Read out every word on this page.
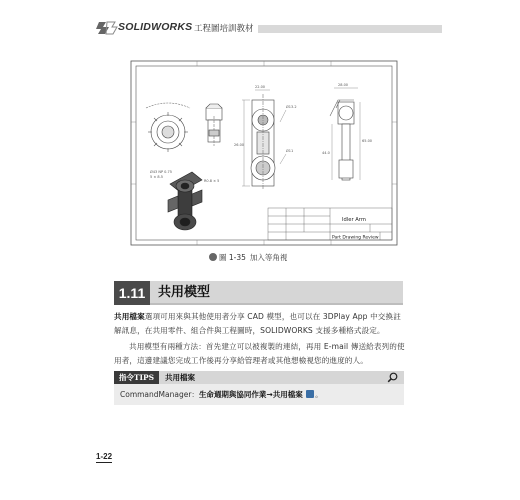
SOLIDWORKS 工程圖培訓教材
Ø43 NP 0.75
5 × 8.5
R0.8 × 5
22.00
Ø13.2
Ø11
26.00
28.00
65.00
44.0
Idler Arm
Part Drawing Review
圖 1-35 加入等角視
1.11 共用模型
共用檔案選項可用來與其他使用者分享 CAD 模型，也可以在 3DPlay App 中交換註解訊息，在共用零件、組合件與工程圖時，SOLIDWORKS 支援多種格式設定。
共用模型有兩種方法：首先建立可以被複製的連結，再用 E-mail 傳送給表列的使用者，這邊建議您完成工作後再分享給管理者或其他想檢視您的進度的人。
指令TIPS	共用檔案
CommandManager：生命週期與協同作業→共用檔案 。
1-22
